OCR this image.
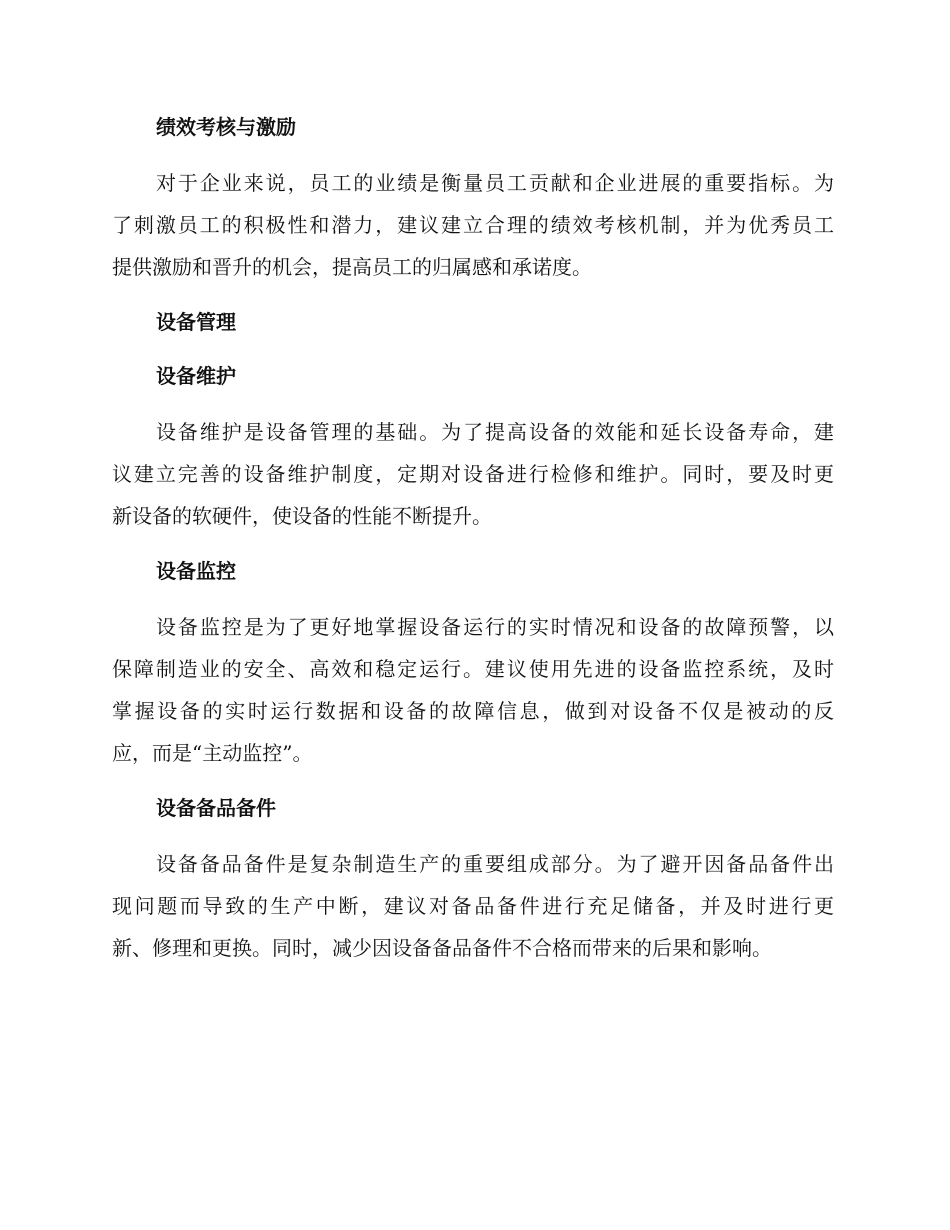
绩效考核与激励
对于企业来说，员工的业绩是衡量员工贡献和企业进展的重要指标。为
了刺激员工的积极性和潜力，建议建立合理的绩效考核机制，并为优秀员工
提供激励和晋升的机会，提高员工的归属感和承诺度。
设备管理
设备维护
设备维护是设备管理的基础。为了提高设备的效能和延长设备寿命，建
议建立完善的设备维护制度，定期对设备进行检修和维护。同时，要及时更
新设备的软硬件，使设备的性能不断提升。
设备监控
设备监控是为了更好地掌握设备运行的实时情况和设备的故障预警，以
保障制造业的安全、高效和稳定运行。建议使用先进的设备监控系统，及时
掌握设备的实时运行数据和设备的故障信息，做到对设备不仅是被动的反
应，而是“主动监控”。
设备备品备件
设备备品备件是复杂制造生产的重要组成部分。为了避开因备品备件出
现问题而导致的生产中断，建议对备品备件进行充足储备，并及时进行更
新、修理和更换。同时，减少因设备备品备件不合格而带来的后果和影响。
